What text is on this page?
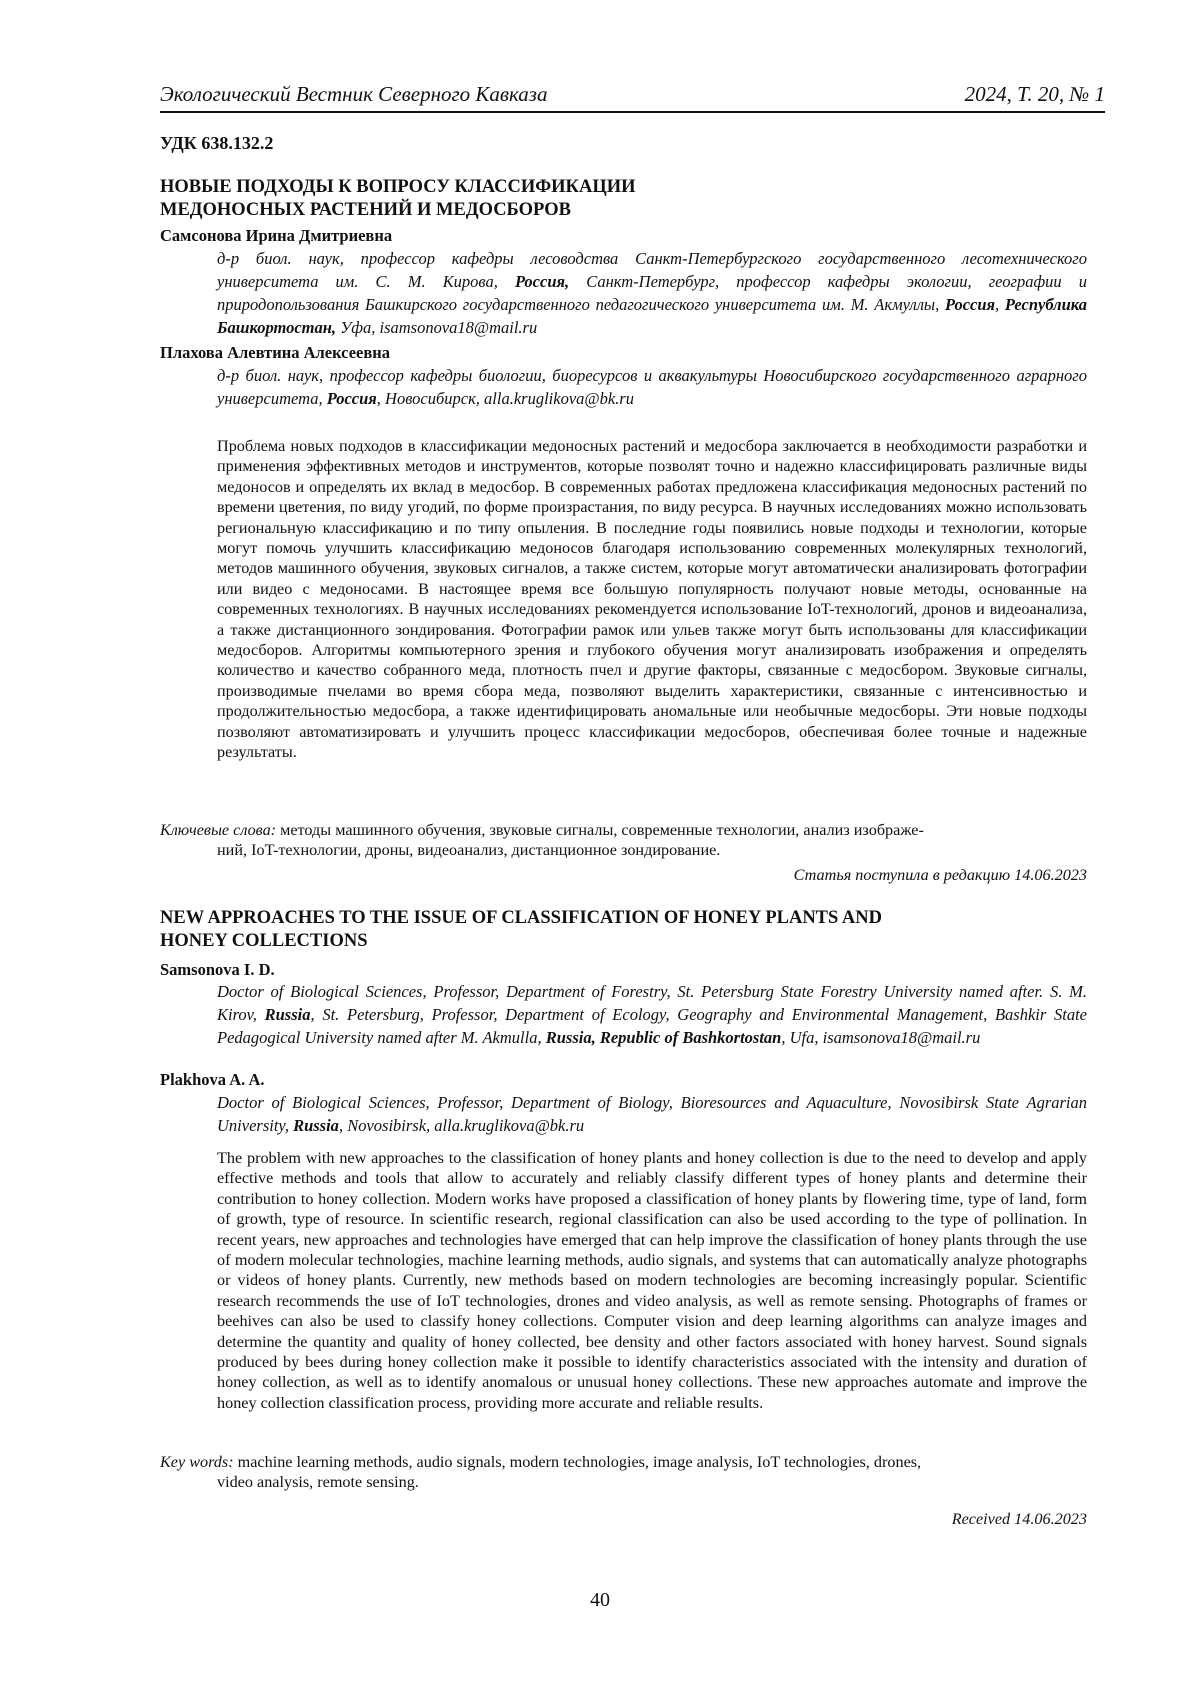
Экологический Вестник Северного Кавказа	2024, Т. 20, № 1
УДК 638.132.2
НОВЫЕ ПОДХОДЫ К ВОПРОСУ КЛАССИФИКАЦИИ
МЕДОНОСНЫХ РАСТЕНИЙ И МЕДОСБОРОВ
Самсонова Ирина Дмитриевна

д-р биол. наук, профессор кафедры лесоводства Санкт-Петербургского государственного лесотехнического университета им. С. М. Кирова, Россия, Санкт-Петербург, профессор кафедры экологии, географии и природопользования Башкирского государственного педагогического университета им. М. Акмуллы, Россия, Республика Башкортостан, Уфа, isamsonova18@mail.ru

Плахова Алевтина Алексеевна

д-р биол. наук, профессор кафедры биологии, биоресурсов и аквакультуры Новосибирского государственного аграрного университета, Россия, Новосибирск, alla.kruglikova@bk.ru

Проблема новых подходов в классификации медоносных растений и медосбора заключается в необходимости разработки и применения эффективных методов и инструментов, которые позволят точно и надежно классифицировать различные виды медоносов и определять их вклад в медосбор. В современных работах предложена классификация медоносных растений по времени цветения, по виду угодий, по форме произрастания, по виду ресурса. В научных исследованиях можно использовать региональную классификацию и по типу опыления. В последние годы появились новые подходы и технологии, которые могут помочь улучшить классификацию медоносов благодаря использованию современных молекулярных технологий, методов машинного обучения, звуковых сигналов, а также систем, которые могут автоматически анализировать фотографии или видео с медоносами. В настоящее время все большую популярность получают новые методы, основанные на современных технологиях. В научных исследованиях рекомендуется использование IoT-технологий, дронов и видеоанализа, а также дистанционного зондирования. Фотографии рамок или ульев также могут быть использованы для классификации медосборов. Алгоритмы компьютерного зрения и глубокого обучения могут анализировать изображения и определять количество и качество собранного меда, плотность пчел и другие факторы, связанные с медосбором. Звуковые сигналы, производимые пчелами во время сбора меда, позволяют выделить характеристики, связанные с интенсивностью и продолжительностью медосбора, а также идентифицировать аномальные или необычные медосборы. Эти новые подходы позволяют автоматизировать и улучшить процесс классификации медосборов, обеспечивая более точные и надежные результаты.

Ключевые слова: методы машинного обучения, звуковые сигналы, современные технологии, анализ изображе-
ний, IoT-технологии, дроны, видеоанализ, дистанционное зондирование.

Статья поступила в редакцию 14.06.2023
NEW APPROACHES TO THE ISSUE OF CLASSIFICATION OF HONEY PLANTS AND
HONEY COLLECTIONS
Samsonova I. D.

Doctor of Biological Sciences, Professor, Department of Forestry, St. Petersburg State Forestry University named after. S. M. Kirov, Russia, St. Petersburg, Professor, Department of Ecology, Geography and Environmental Management, Bashkir State Pedagogical University named after M. Akmulla, Russia, Republic of Bashkortostan, Ufa, isamsonova18@mail.ru

Plakhova A. A.

Doctor of Biological Sciences, Professor, Department of Biology, Bioresources and Aquaculture, Novosibirsk State Agrarian University, Russia, Novosibirsk, alla.kruglikova@bk.ru

The problem with new approaches to the classification of honey plants and honey collection is due to the need to develop and apply effective methods and tools that allow to accurately and reliably classify different types of honey plants and determine their contribution to honey collection. Modern works have proposed a classification of honey plants by flowering time, type of land, form of growth, type of resource. In scientific research, regional classification can also be used according to the type of pollination. In recent years, new approaches and technologies have emerged that can help improve the classification of honey plants through the use of modern molecular technologies, machine learning methods, audio signals, and systems that can automatically analyze photographs or videos of honey plants. Currently, new methods based on modern technologies are becoming increasingly popular. Scientific research recommends the use of IoT technologies, drones and video analysis, as well as remote sensing. Photographs of frames or beehives can also be used to classify honey collections. Computer vision and deep learning algorithms can analyze images and determine the quantity and quality of honey collected, bee density and other factors associated with honey harvest. Sound signals produced by bees during honey collection make it possible to identify characteristics associated with the intensity and duration of honey collection, as well as to identify anomalous or unusual honey collections. These new approaches automate and improve the honey collection classification process, providing more accurate and reliable results.

Key words: machine learning methods, audio signals, modern technologies, image analysis, IoT technologies, drones,
video analysis, remote sensing.

Received 14.06.2023
40
